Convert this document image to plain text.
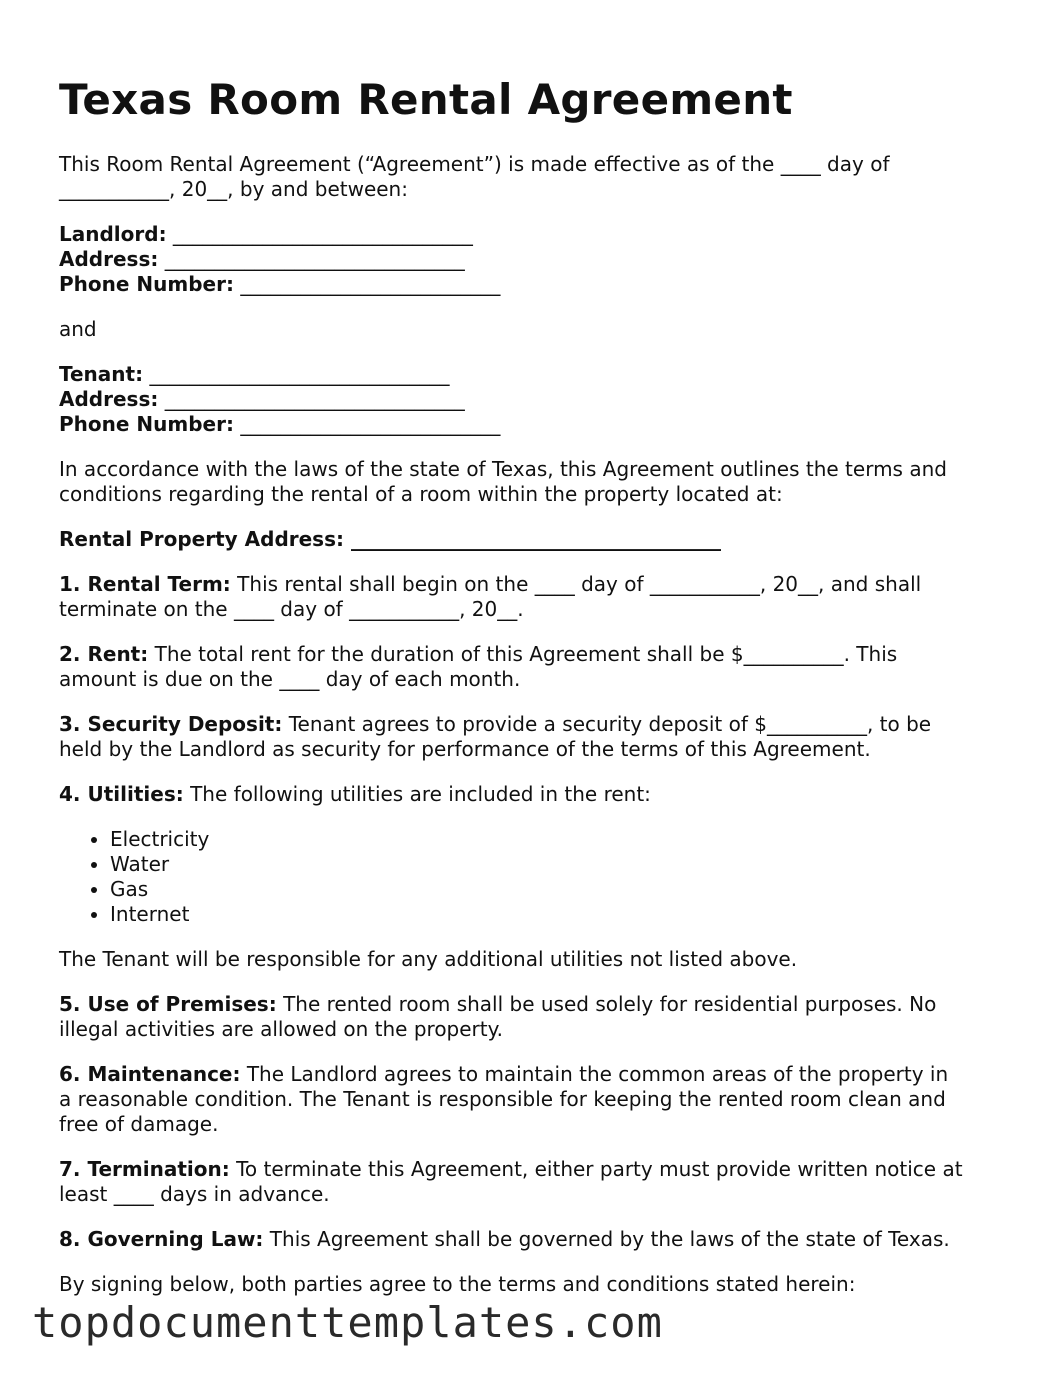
Texas Room Rental Agreement

This Room Rental Agreement (“Agreement”) is made effective as of the ____ day of
___________, 20__, by and between:

Landlord: ______________________________
Address: ______________________________
Phone Number: __________________________

and

Tenant: ______________________________
Address: ______________________________
Phone Number: __________________________

In accordance with the laws of the state of Texas, this Agreement outlines the terms and
conditions regarding the rental of a room within the property located at:

Rental Property Address: _____________________________________

1. Rental Term: This rental shall begin on the ____ day of ___________, 20__, and shall
terminate on the ____ day of ___________, 20__.

2. Rent: The total rent for the duration of this Agreement shall be $__________. This
amount is due on the ____ day of each month.

3. Security Deposit: Tenant agrees to provide a security deposit of $__________, to be
held by the Landlord as security for performance of the terms of this Agreement.

4. Utilities: The following utilities are included in the rent:

• Electricity
• Water
• Gas
• Internet

The Tenant will be responsible for any additional utilities not listed above.

5. Use of Premises: The rented room shall be used solely for residential purposes. No
illegal activities are allowed on the property.

6. Maintenance: The Landlord agrees to maintain the common areas of the property in
a reasonable condition. The Tenant is responsible for keeping the rented room clean and
free of damage.

7. Termination: To terminate this Agreement, either party must provide written notice at
least ____ days in advance.

8. Governing Law: This Agreement shall be governed by the laws of the state of Texas.

By signing below, both parties agree to the terms and conditions stated herein:

topdocumenttemplates.com
